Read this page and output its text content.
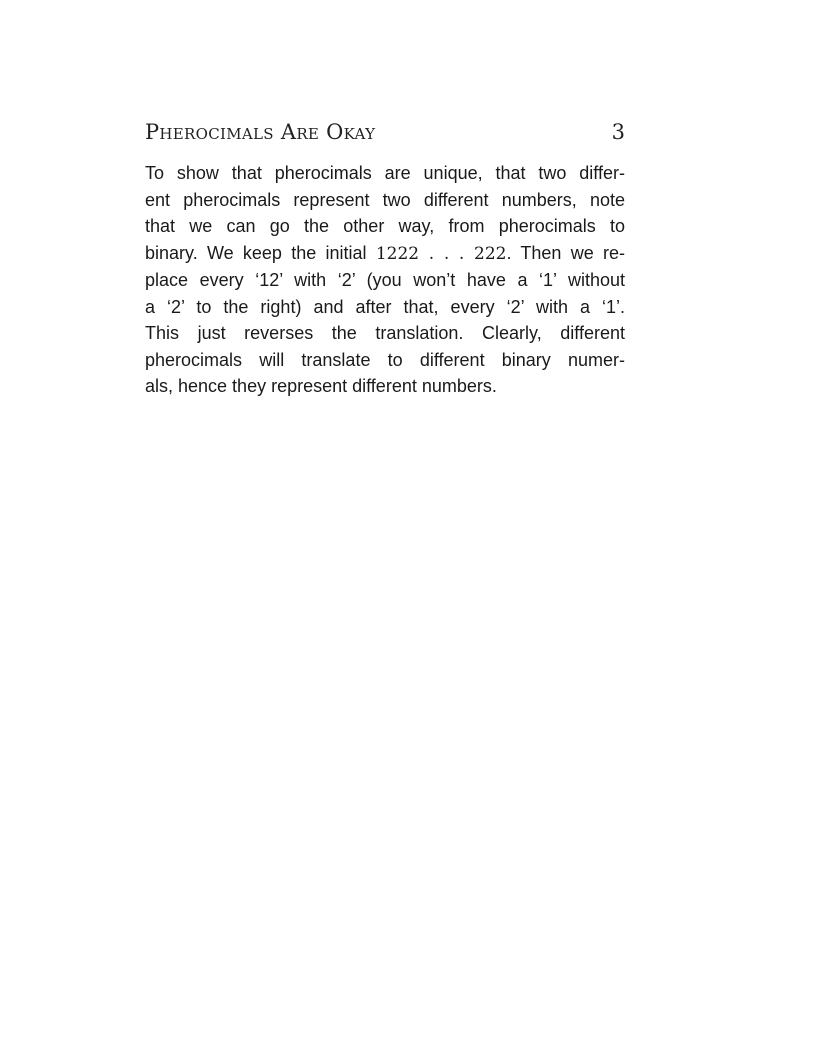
Pherocimals Are Okay	3
To show that pherocimals are unique, that two differ-
ent pherocimals represent two different numbers, note
that we can go the other way, from pherocimals to
binary. We keep the initial 1222 . . . 222. Then we re-
place every ‘12’ with ‘2’ (you won’t have a ‘1’ without
a ‘2’ to the right) and after that, every ‘2’ with a ‘1’.
This just reverses the translation. Clearly, different
pherocimals will translate to different binary numer-
als, hence they represent different numbers.
